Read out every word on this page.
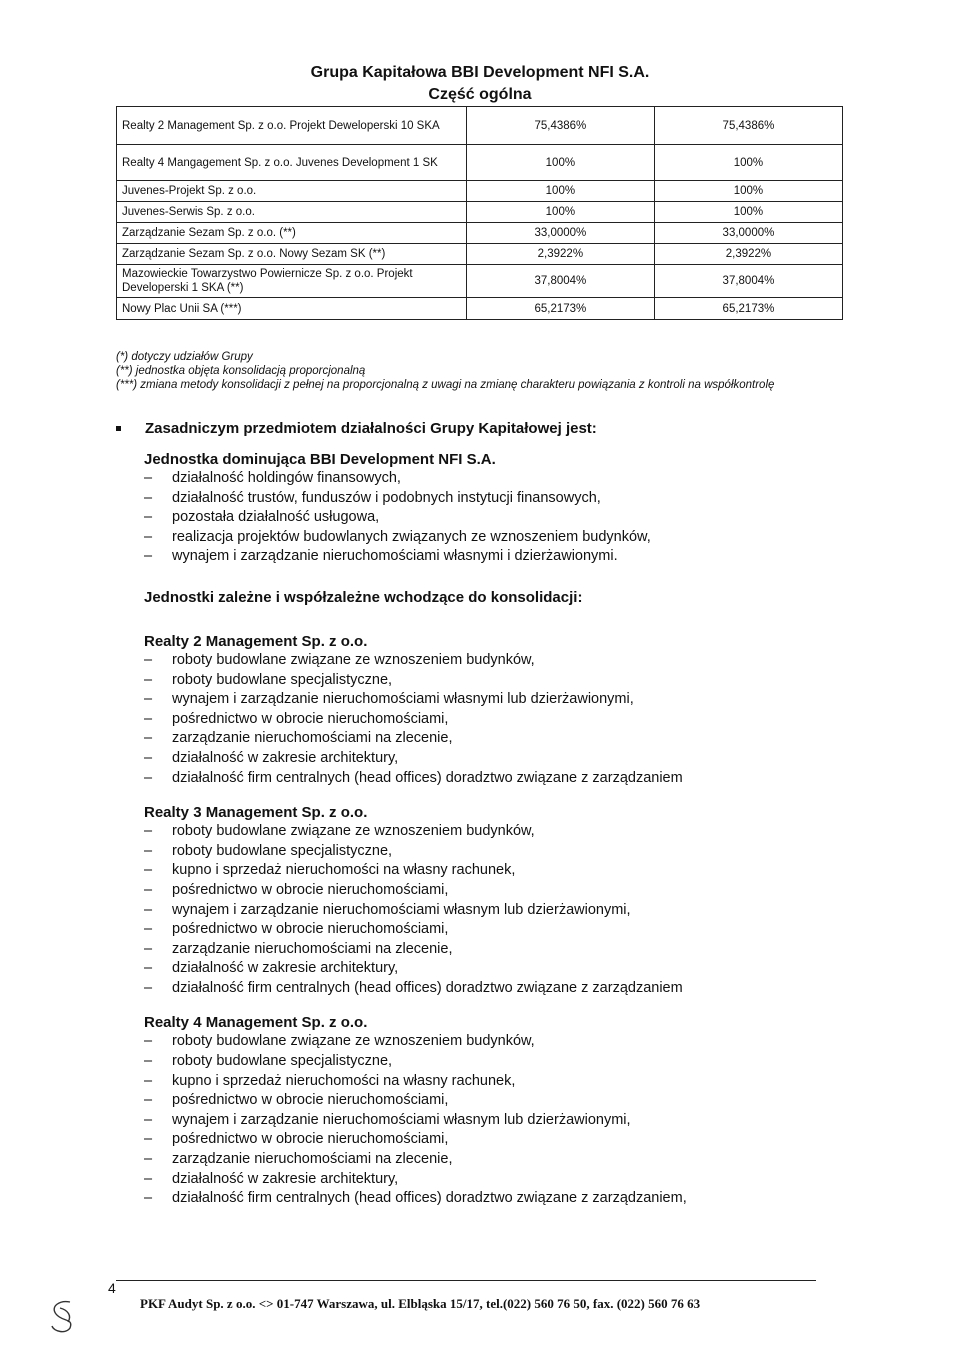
Grupa Kapitałowa BBI Development NFI S.A.
Część ogólna
Realty 2 Management Sp. z o.o. Projekt Deweloperski 10 SKA	75,4386%	75,4386%
Realty 4 Mangagement Sp. z o.o. Juvenes Development 1 SK	100%	100%
Juvenes-Projekt Sp. z o.o.	100%	100%
Juvenes-Serwis Sp. z o.o.	100%	100%
Zarządzanie Sezam Sp. z o.o. (**)	33,0000%	33,0000%
Zarządzanie Sezam Sp. z o.o. Nowy Sezam SK (**)	2,3922%	2,3922%
Mazowieckie Towarzystwo Powiernicze Sp. z o.o. Projekt Developerski 1 SKA (**)	37,8004%	37,8004%
Nowy Plac Unii SA (***)	65,2173%	65,2173%
(*) dotyczy udziałów Grupy
(**) jednostka objęta konsolidacją proporcjonalną
(***) zmiana metody konsolidacji z pełnej na proporcjonalną z uwagi na zmianę charakteru powiązania z kontroli na współkontrolę
Zasadniczym przedmiotem działalności Grupy Kapitałowej jest:
Jednostka dominująca BBI Development NFI S.A.
– działalność holdingów finansowych,
– działalność trustów, funduszów i podobnych instytucji finansowych,
– pozostała działalność usługowa,
– realizacja projektów budowlanych związanych ze wznoszeniem budynków,
– wynajem i zarządzanie nieruchomościami własnymi i dzierżawionymi.
Jednostki zależne i współzależne wchodzące do konsolidacji:
Realty 2 Management Sp. z o.o.
– roboty budowlane związane ze wznoszeniem budynków,
– roboty budowlane specjalistyczne,
– wynajem i zarządzanie nieruchomościami własnymi lub dzierżawionymi,
– pośrednictwo w obrocie nieruchomościami,
– zarządzanie nieruchomościami na zlecenie,
– działalność w zakresie architektury,
– działalność firm centralnych (head offices) doradztwo związane z zarządzaniem
Realty 3 Management Sp. z o.o.
– roboty budowlane związane ze wznoszeniem budynków,
– roboty budowlane specjalistyczne,
– kupno i sprzedaż nieruchomości na własny rachunek,
– pośrednictwo w obrocie nieruchomościami,
– wynajem i zarządzanie nieruchomościami własnym lub dzierżawionymi,
– pośrednictwo w obrocie nieruchomościami,
– zarządzanie nieruchomościami na zlecenie,
– działalność w zakresie architektury,
– działalność firm centralnych (head offices) doradztwo związane z zarządzaniem
Realty 4 Management Sp. z o.o.
– roboty budowlane związane ze wznoszeniem budynków,
– roboty budowlane specjalistyczne,
– kupno i sprzedaż nieruchomości na własny rachunek,
– pośrednictwo w obrocie nieruchomościami,
– wynajem i zarządzanie nieruchomościami własnym lub dzierżawionymi,
– pośrednictwo w obrocie nieruchomościami,
– zarządzanie nieruchomościami na zlecenie,
– działalność w zakresie architektury,
– działalność firm centralnych (head offices) doradztwo związane z zarządzaniem,
4
PKF Audyt Sp. z o.o. <> 01-747 Warszawa, ul. Elbląska 15/17, tel.(022) 560 76 50, fax. (022) 560 76 63
